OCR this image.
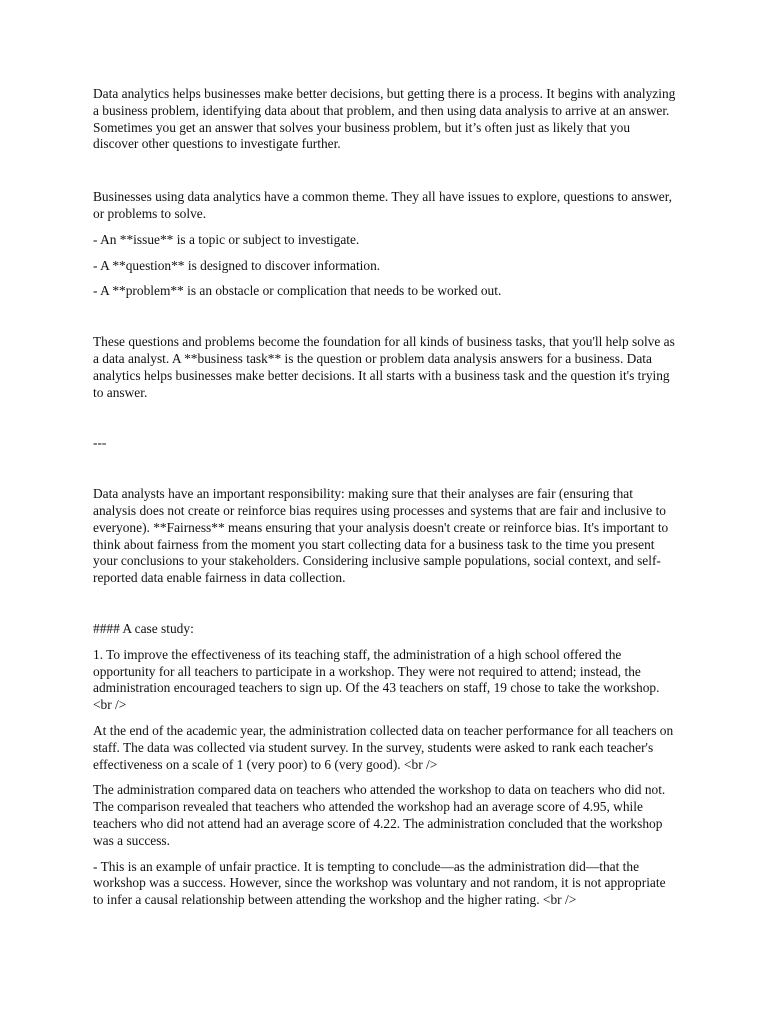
Data analytics helps businesses make better decisions, but getting there is a process. It begins with analyzing a business problem, identifying data about that problem, and then using data analysis to arrive at an answer. Sometimes you get an answer that solves your business problem, but it’s often just as likely that you discover other questions to investigate further.

Businesses using data analytics have a common theme. They all have issues to explore, questions to answer, or problems to solve.

- An **issue** is a topic or subject to investigate.

- A **question** is designed to discover information.

- A **problem** is an obstacle or complication that needs to be worked out.

These questions and problems become the foundation for all kinds of business tasks, that you'll help solve as a data analyst. A **business task** is the question or problem data analysis answers for a business. Data analytics helps businesses make better decisions. It all starts with a business task and the question it's trying to answer.

---

Data analysts have an important responsibility: making sure that their analyses are fair (ensuring that analysis does not create or reinforce bias requires using processes and systems that are fair and inclusive to everyone). **Fairness** means ensuring that your analysis doesn't create or reinforce bias. It's important to think about fairness from the moment you start collecting data for a business task to the time you present your conclusions to your stakeholders. Considering inclusive sample populations, social context, and self-reported data enable fairness in data collection.

#### A case study:

1. To improve the effectiveness of its teaching staff, the administration of a high school offered the opportunity for all teachers to participate in a workshop. They were not required to attend; instead, the administration encouraged teachers to sign up. Of the 43 teachers on staff, 19 chose to take the workshop. <br />

At the end of the academic year, the administration collected data on teacher performance for all teachers on staff. The data was collected via student survey. In the survey, students were asked to rank each teacher's effectiveness on a scale of 1 (very poor) to 6 (very good). <br />

The administration compared data on teachers who attended the workshop to data on teachers who did not. The comparison revealed that teachers who attended the workshop had an average score of 4.95, while teachers who did not attend had an average score of 4.22. The administration concluded that the workshop was a success.

- This is an example of unfair practice. It is tempting to conclude—as the administration did—that the workshop was a success. However, since the workshop was voluntary and not random, it is not appropriate to infer a causal relationship between attending the workshop and the higher rating. <br />
